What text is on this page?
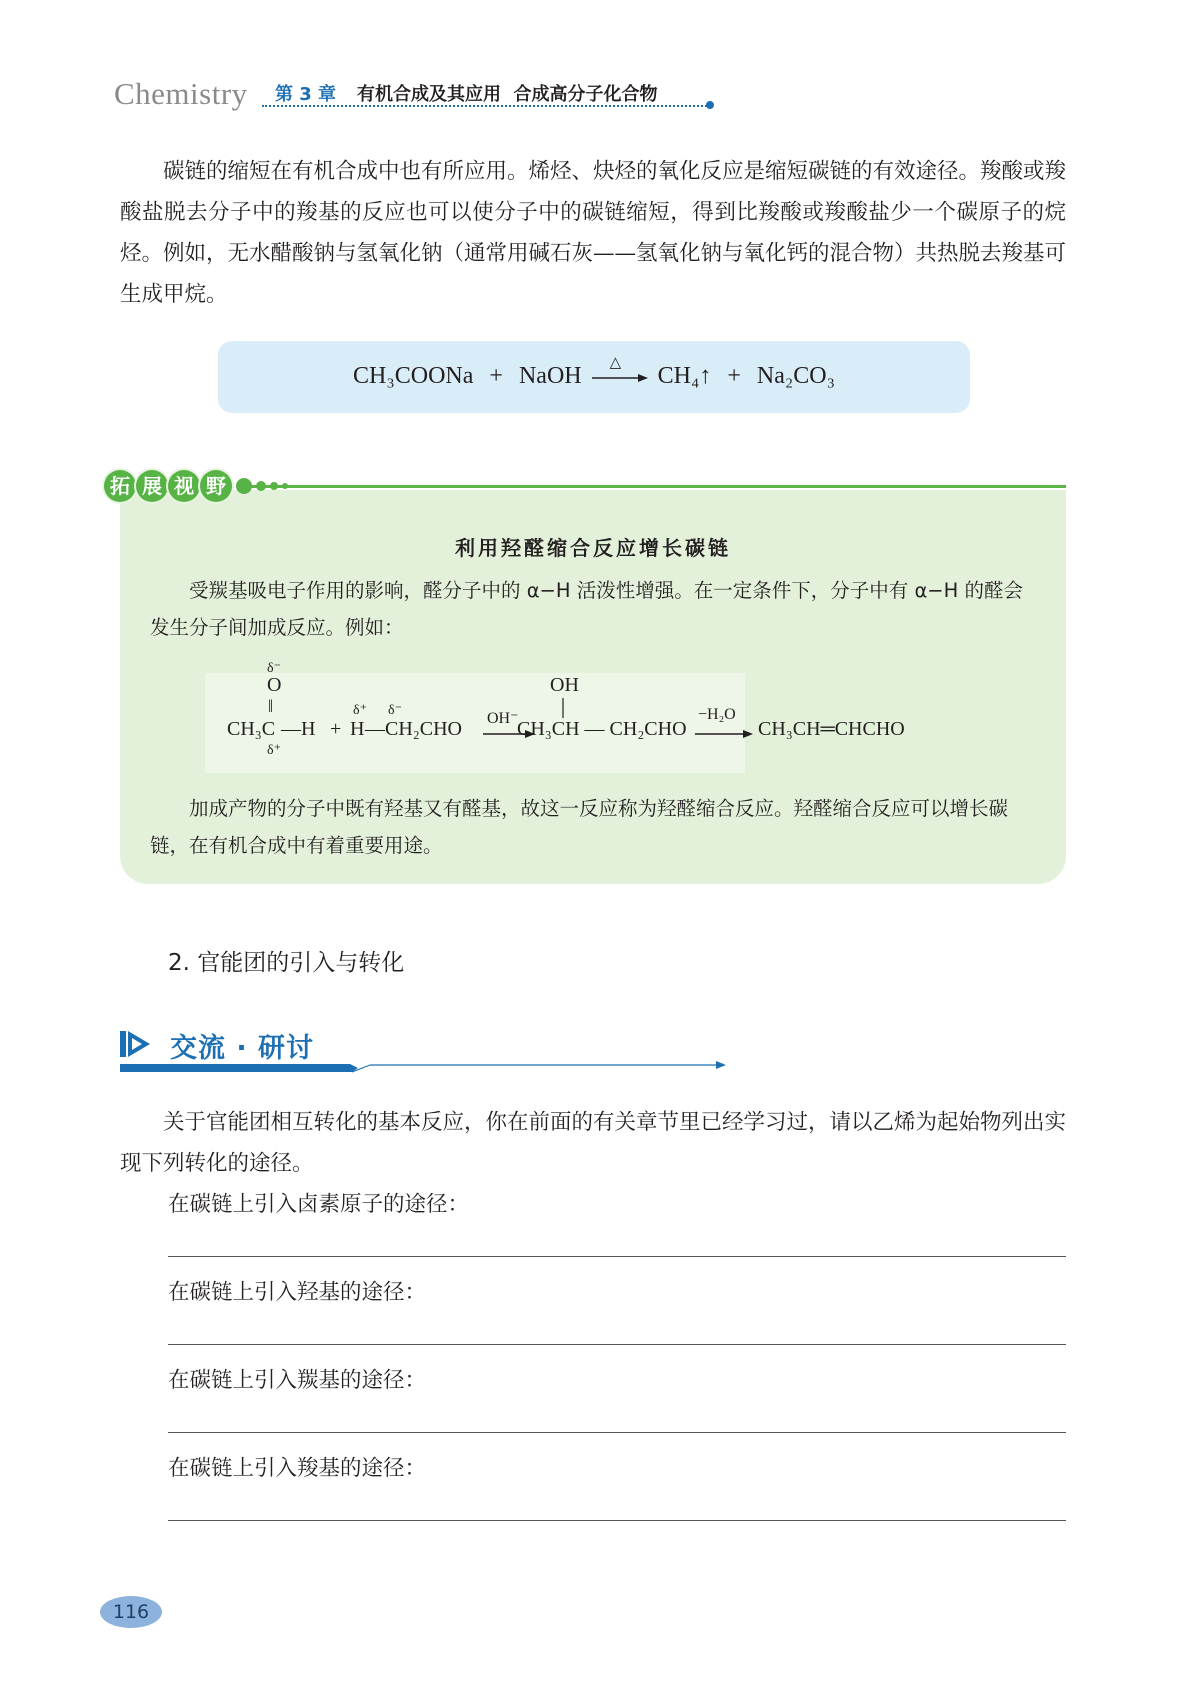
Chemistry 第 3 章 有机合成及其应用  合成高分子化合物

碳链的缩短在有机合成中也有所应用。烯烃、炔烃的氧化反应是缩短碳链的有效途径。羧酸或羧酸盐脱去分子中的羧基的反应也可以使分子中的碳链缩短，得到比羧酸或羧酸盐少一个碳原子的烷烃。例如，无水醋酸钠与氢氧化钠（通常用碱石灰——氢氧化钠与氧化钙的混合物）共热脱去羧基可生成甲烷。

CH₃COONa + NaOH △ CH₄↑ + Na₂CO₃
拓 展 视 野
利用羟醛缩合反应增长碳链

受羰基吸电子作用的影响，醛分子中的 α−H 活泼性增强。在一定条件下，分子中有 α−H 的醛会发生分子间加成反应。例如：

δ⁻
O
‖
δ⁺
CH₃C —H +
δ⁺
H —
δ⁻
CH₂CHO OH⁻
OH
CH₃CH — CH₂CHO
−H₂O
CH₃CH═CHCHO

加成产物的分子中既有羟基又有醛基，故这一反应称为羟醛缩合反应。羟醛缩合反应可以增长碳链，在有机合成中有着重要用途。

2. 官能团的引入与转化
交流 · 研讨

关于官能团相互转化的基本反应，你在前面的有关章节里已经学习过，请以乙烯为起始物列出实现下列转化的途径。

在碳链上引入卤素原子的途径：
在碳链上引入羟基的途径：
在碳链上引入羰基的途径：
在碳链上引入羧基的途径：
116
